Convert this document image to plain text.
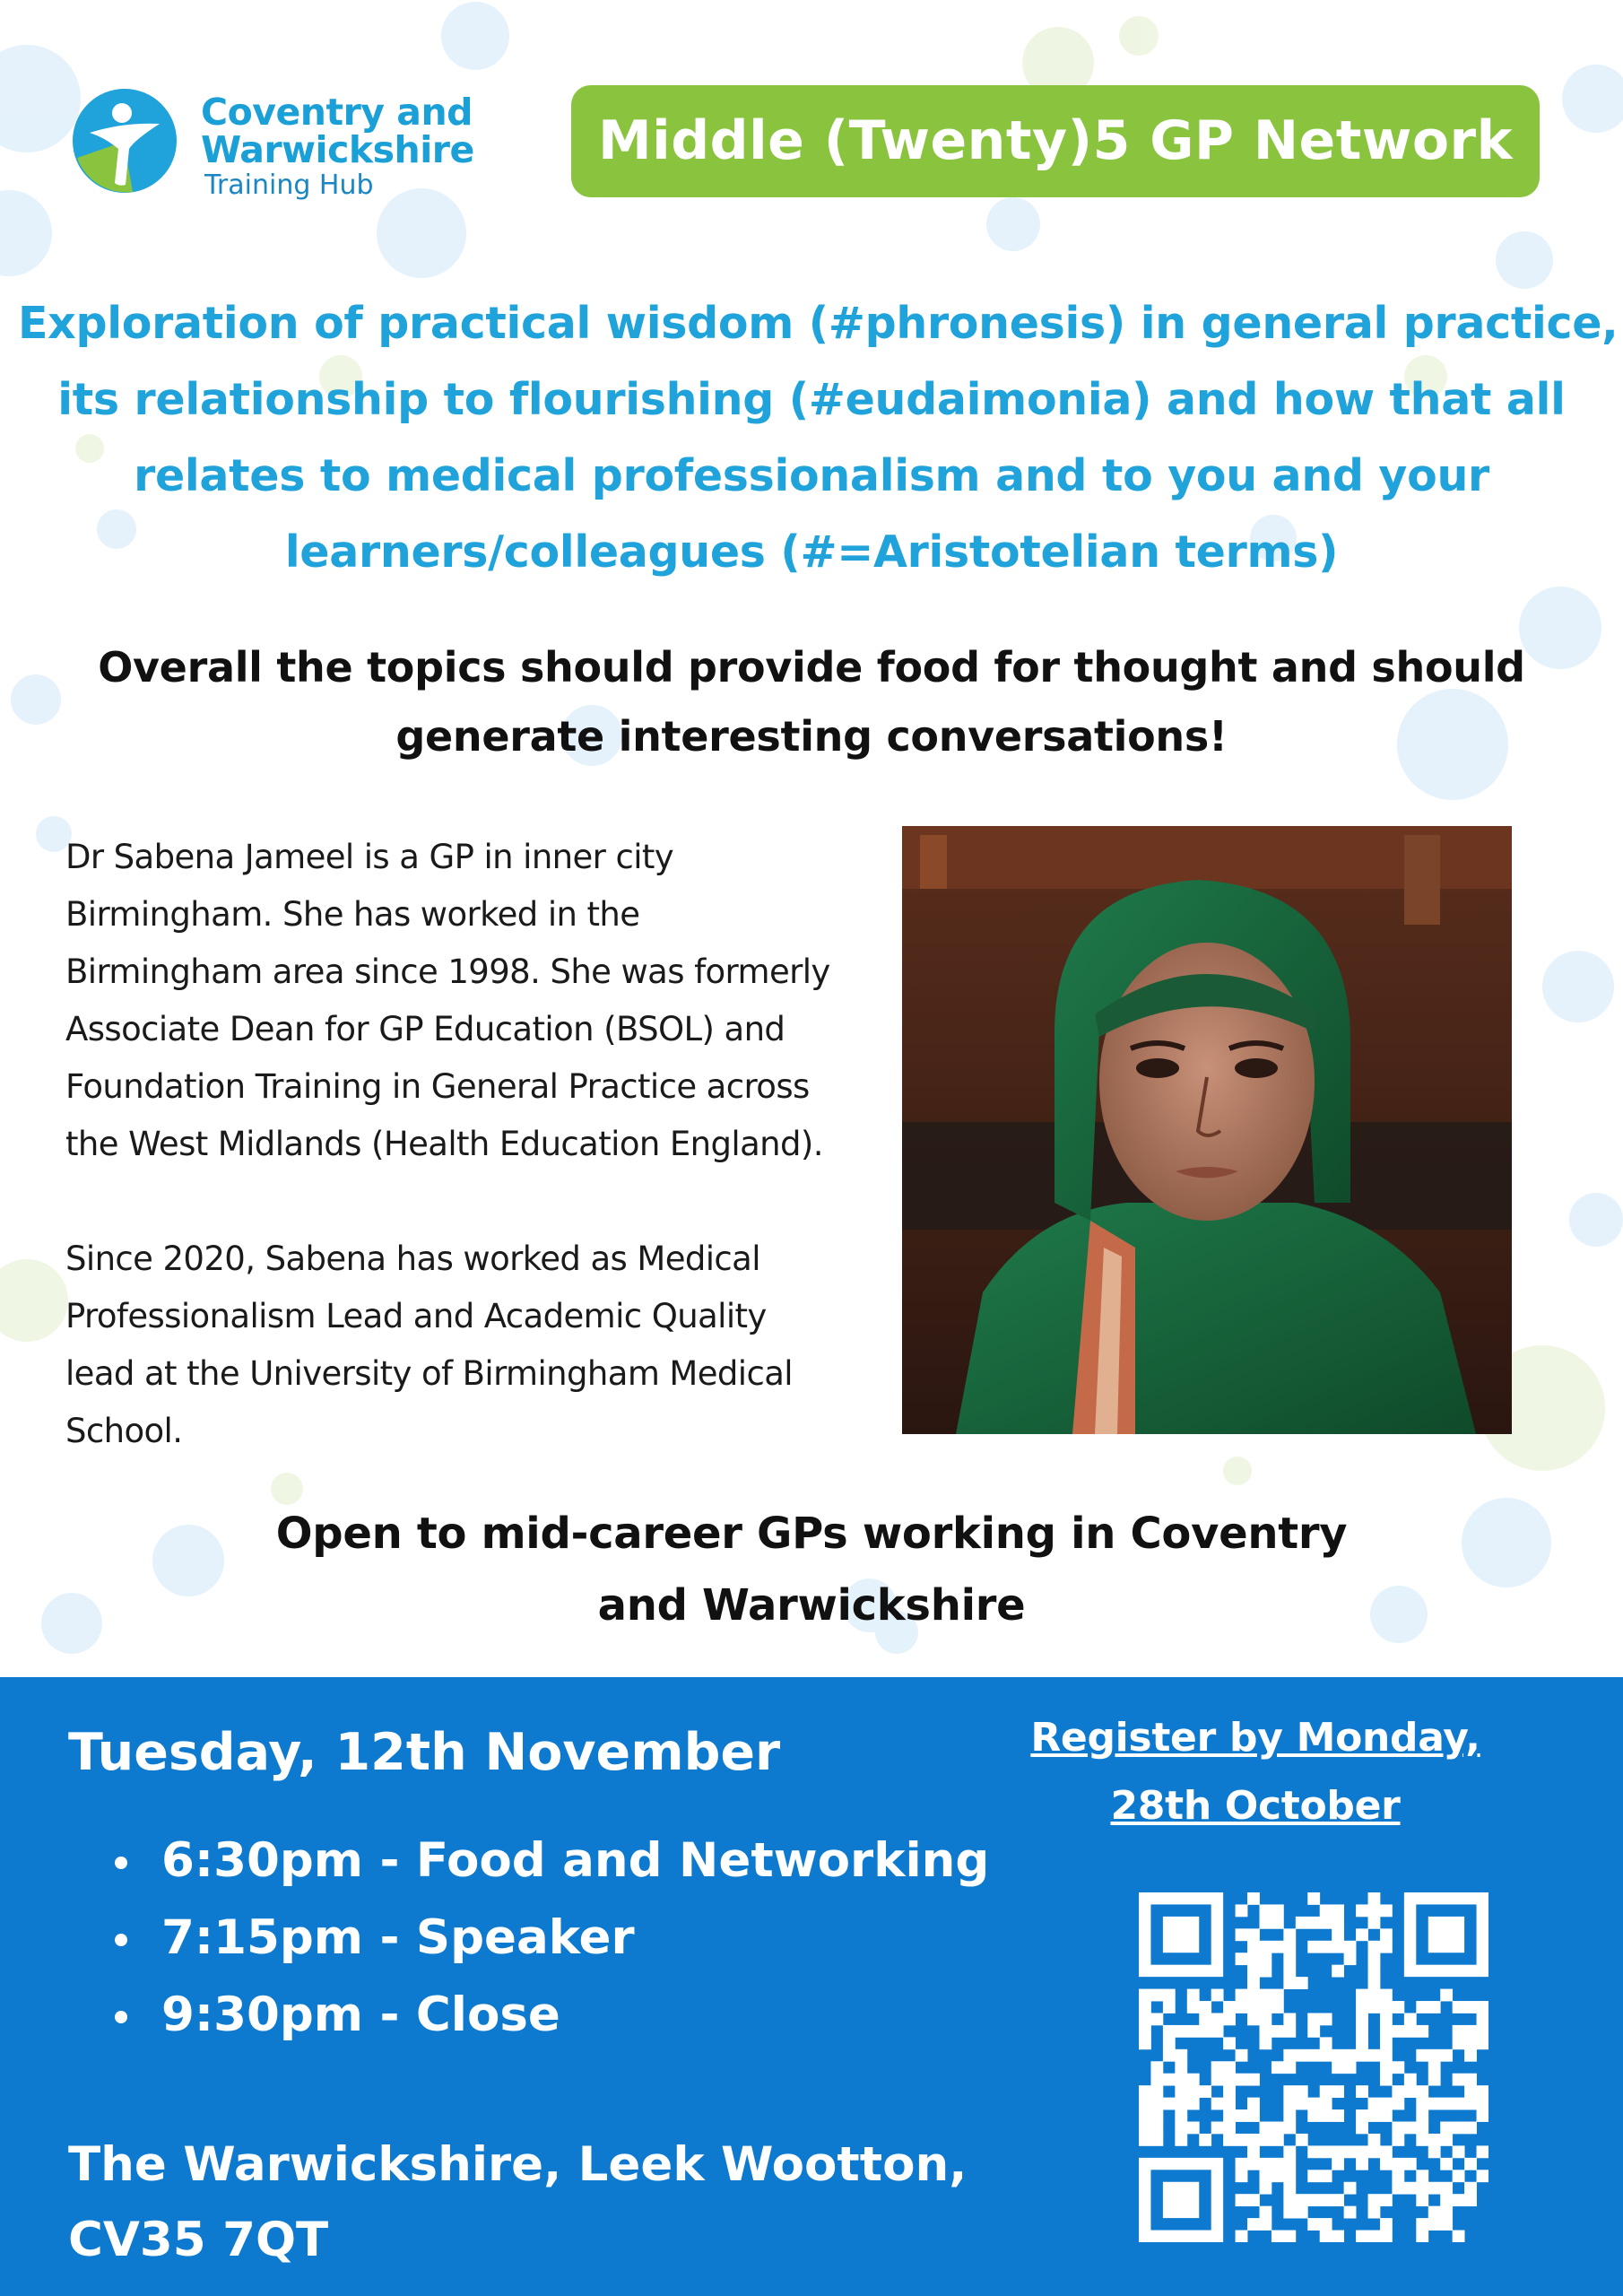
Coventry and
Warwickshire
Training Hub
Middle (Twenty)5 GP Network
Exploration of practical wisdom (#phronesis) in general practice,
its relationship to flourishing (#eudaimonia) and how that all
relates to medical professionalism and to you and your
learners/colleagues (#=Aristotelian terms)
Overall the topics should provide food for thought and should
generate interesting conversations!

Dr Sabena Jameel is a GP in inner city
Birmingham. She has worked in the
Birmingham area since 1998. She was formerly
Associate Dean for GP Education (BSOL) and
Foundation Training in General Practice across
the West Midlands (Health Education England).

Since 2020, Sabena has worked as Medical
Professionalism Lead and Academic Quality
lead at the University of Birmingham Medical
School.

Open to mid-career GPs working in Coventry
and Warwickshire
Tuesday, 12th November
6:30pm - Food and Networking
7:15pm - Speaker
9:30pm - Close
The Warwickshire, Leek Wootton,
CV35 7QT
Register by Monday,
28th October
